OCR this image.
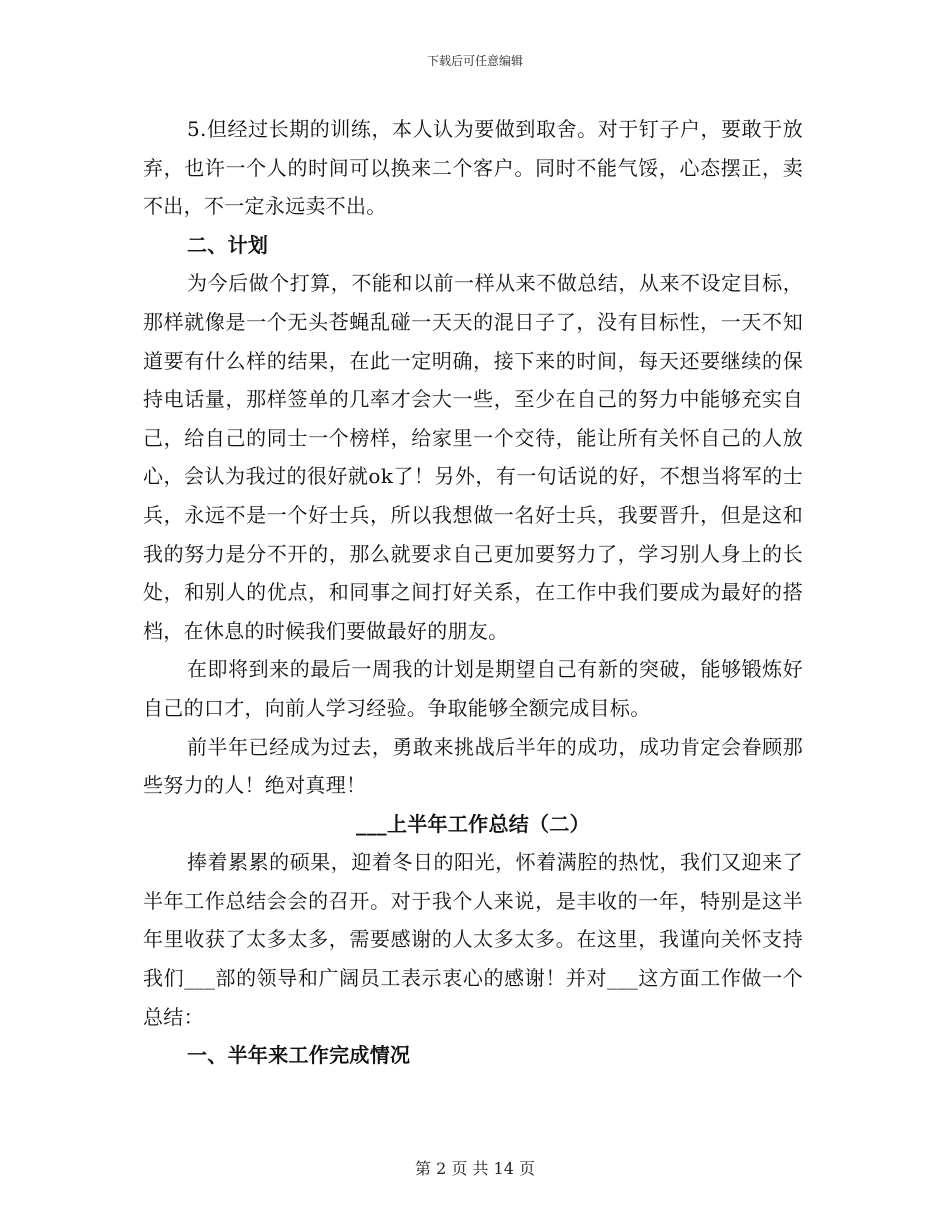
下载后可任意编辑

5.但经过长期的训练，本人认为要做到取舍。对于钉子户，要敢于放弃，也许一个人的时间可以换来二个客户。同时不能气馁，心态摆正，卖不出，不一定永远卖不出。

二、计划

为今后做个打算，不能和以前一样从来不做总结，从来不设定目标，那样就像是一个无头苍蝇乱碰一天天的混日子了，没有目标性，一天不知道要有什么样的结果，在此一定明确，接下来的时间，每天还要继续的保持电话量，那样签单的几率才会大一些，至少在自己的努力中能够充实自己，给自己的同士一个榜样，给家里一个交待，能让所有关怀自己的人放心，会认为我过的很好就ok了！另外，有一句话说的好，不想当将军的士兵，永远不是一个好士兵，所以我想做一名好士兵，我要晋升，但是这和我的努力是分不开的，那么就要求自己更加要努力了，学习别人身上的长处，和别人的优点，和同事之间打好关系，在工作中我们要成为最好的搭档，在休息的时候我们要做最好的朋友。

在即将到来的最后一周我的计划是期望自己有新的突破，能够锻炼好自己的口才，向前人学习经验。争取能够全额完成目标。

前半年已经成为过去，勇敢来挑战后半年的成功，成功肯定会眷顾那些努力的人！绝对真理！

___上半年工作总结（二）

捧着累累的硕果，迎着冬日的阳光，怀着满腔的热忱，我们又迎来了半年工作总结会会的召开。对于我个人来说，是丰收的一年，特别是这半年里收获了太多太多，需要感谢的人太多太多。在这里，我谨向关怀支持我们___部的领导和广阔员工表示衷心的感谢！并对___这方面工作做一个总结：

一、半年来工作完成情况

第 2 页 共 14 页
